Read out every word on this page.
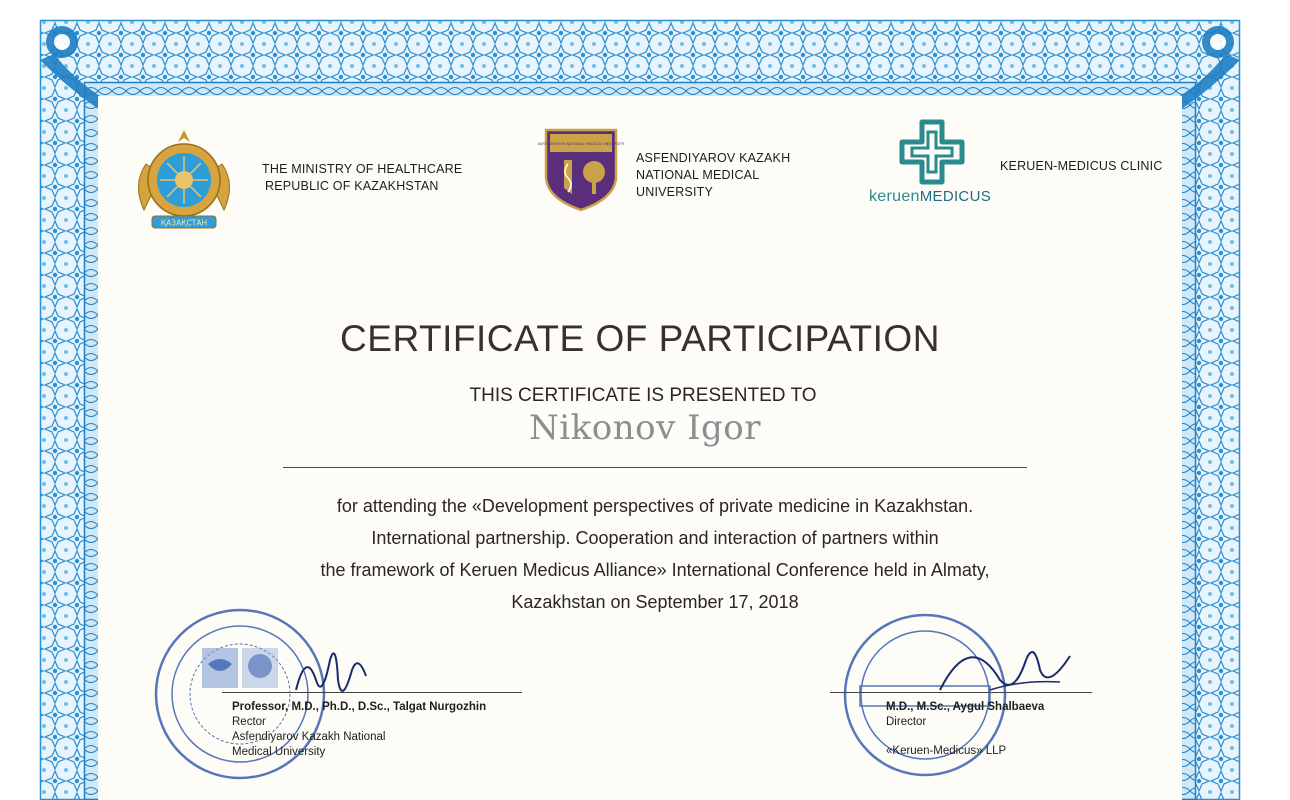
ҚАЗАҚСТАН
THE MINISTRY OF HEALTHCARE
REPUBLIC OF KAZAKHSTAN
ASFENDIYAROV NATIONAL MEDICAL UNIVERSITY
ASFENDIYAROV KAZAKH
NATIONAL MEDICAL
UNIVERSITY	keruenMEDICUS
KERUEN-MEDICUS CLINIC
CERTIFICATE OF PARTICIPATION
THIS CERTIFICATE IS PRESENTED TO
Nikonov Igor
for attending the «Development perspectives of private medicine in Kazakhstan.
International partnership. Cooperation and interaction of partners within
the framework of Keruen Medicus Alliance» International Conference held in Almaty,
Kazakhstan on September 17, 2018
Professor, M.D., Ph.D., D.Sc., Talgat Nurgozhin
Rector
Asfendiyarov Kazakh National
Medical University
M.D., M.Sc., Aygul Shalbaeva
Director
«Keruen-Medicus» LLP
